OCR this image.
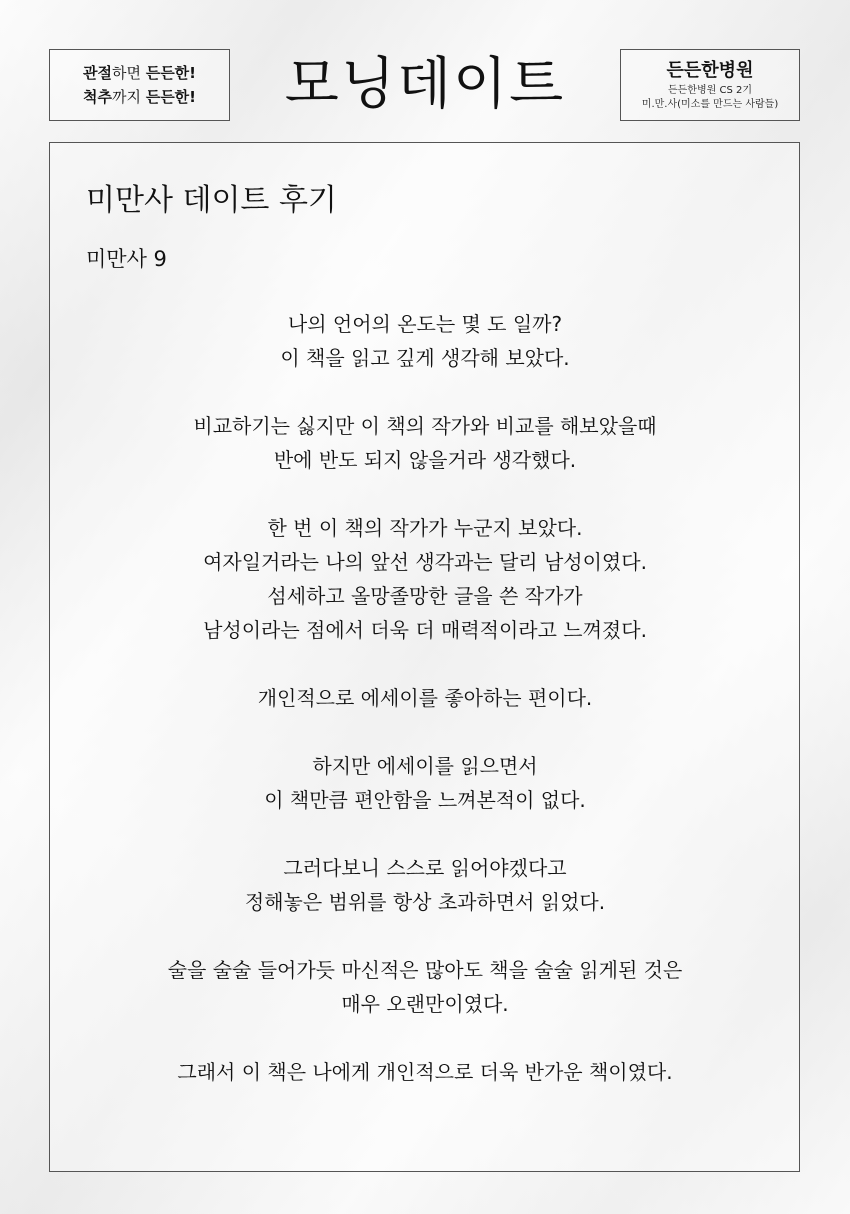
관절하면 든든한!
척추까지 든든한!	모닝데이트	든든한병원
든든한병원 CS 2기
미.만.사(미소를 만드는 사람들)
미만사 데이트 후기
미만사 9
나의 언어의 온도는 몇 도 일까?
이 책을 읽고 깊게 생각해 보았다.
비교하기는 싫지만 이 책의 작가와 비교를 해보았을때
반에 반도 되지 않을거라 생각했다.
한 번 이 책의 작가가 누군지 보았다.
여자일거라는 나의 앞선 생각과는 달리 남성이였다.
섬세하고 올망졸망한 글을 쓴 작가가
남성이라는 점에서 더욱 더 매력적이라고 느껴졌다.
개인적으로 에세이를 좋아하는 편이다.
하지만 에세이를 읽으면서
이 책만큼 편안함을 느껴본적이 없다.
그러다보니 스스로 읽어야겠다고
정해놓은 범위를 항상 초과하면서 읽었다.
술을 술술 들어가듯 마신적은 많아도 책을 술술 읽게된 것은
매우 오랜만이였다.
그래서 이 책은 나에게 개인적으로 더욱 반가운 책이였다.
